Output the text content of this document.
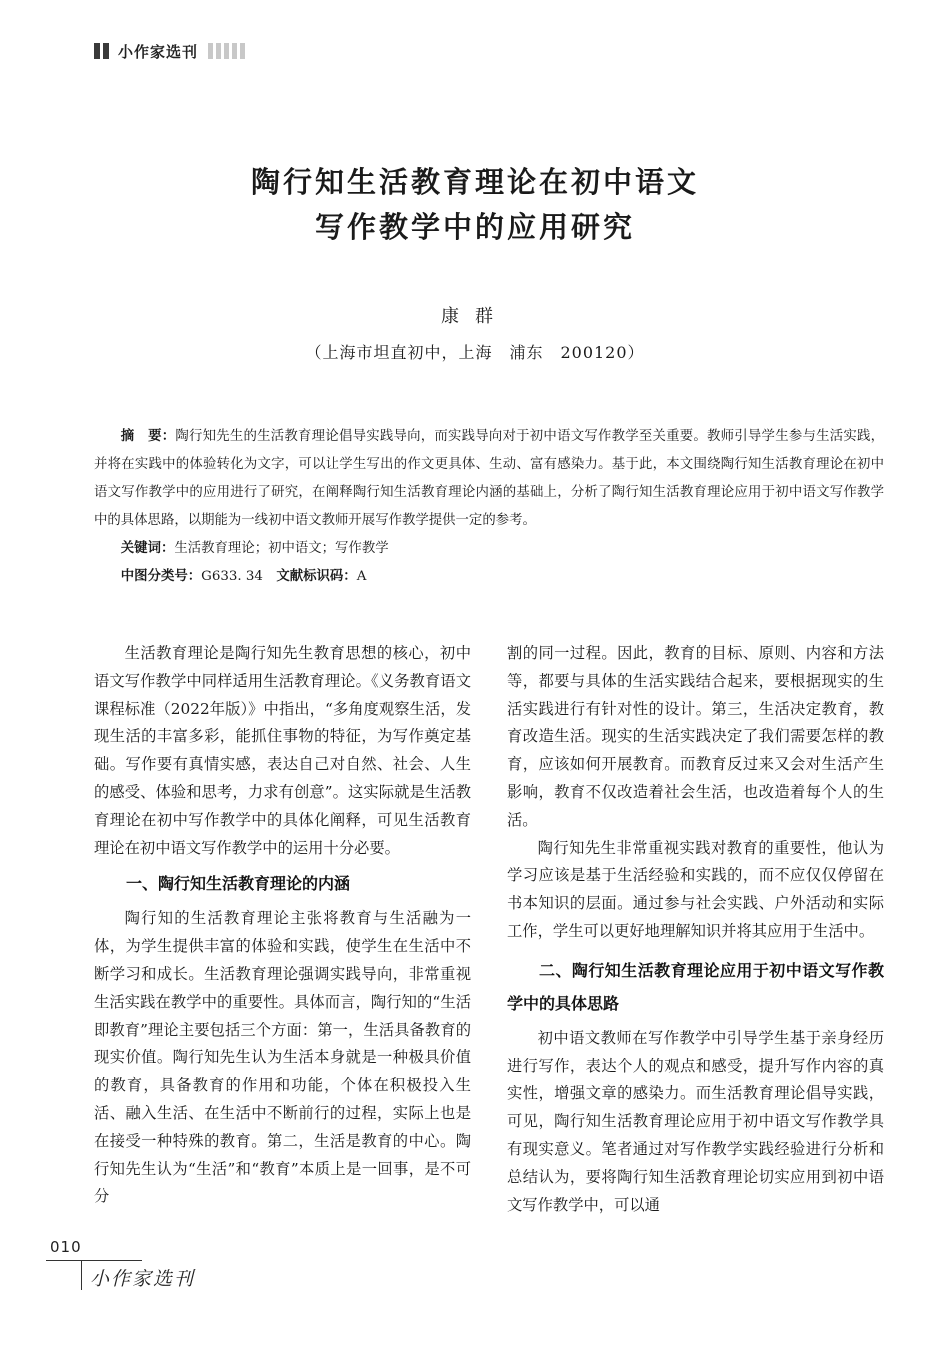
小作家选刊
陶行知生活教育理论在初中语文
写作教学中的应用研究
康群
（上海市坦直初中，上海　浦东　200120）

摘　要：陶行知先生的生活教育理论倡导实践导向，而实践导向对于初中语文写作教学至关重要。教师引导学生参与生活实践，并将在实践中的体验转化为文字，可以让学生写出的作文更具体、生动、富有感染力。基于此，本文围绕陶行知生活教育理论在初中语文写作教学中的应用进行了研究，在阐释陶行知生活教育理论内涵的基础上，分析了陶行知生活教育理论应用于初中语文写作教学中的具体思路，以期能为一线初中语文教师开展写作教学提供一定的参考。

关键词：生活教育理论；初中语文；写作教学
中图分类号：G633. 34　 文献标识码：A

生活教育理论是陶行知先生教育思想的核心，初中语文写作教学中同样适用生活教育理论。《义务教育语文课程标准（2022年版）》中指出，“多角度观察生活，发现生活的丰富多彩，能抓住事物的特征，为写作奠定基础。写作要有真情实感，表达自己对自然、社会、人生的感受、体验和思考，力求有创意”。这实际就是生活教育理论在初中写作教学中的具体化阐释，可见生活教育理论在初中语文写作教学中的运用十分必要。

一、陶行知生活教育理论的内涵

陶行知的生活教育理论主张将教育与生活融为一体，为学生提供丰富的体验和实践，使学生在生活中不断学习和成长。生活教育理论强调实践导向，非常重视生活实践在教学中的重要性。具体而言，陶行知的“生活即教育”理论主要包括三个方面：第一，生活具备教育的现实价值。陶行知先生认为生活本身就是一种极具价值的教育，具备教育的作用和功能，个体在积极投入生活、融入生活、在生活中不断前行的过程，实际上也是在接受一种特殊的教育。第二，生活是教育的中心。陶行知先生认为“生活”和“教育”本质上是一回事，是不可分

割的同一过程。因此，教育的目标、原则、内容和方法等，都要与具体的生活实践结合起来，要根据现实的生活实践进行有针对性的设计。第三，生活决定教育，教育改造生活。现实的生活实践决定了我们需要怎样的教育，应该如何开展教育。而教育反过来又会对生活产生影响，教育不仅改造着社会生活，也改造着每个人的生活。

陶行知先生非常重视实践对教育的重要性，他认为学习应该是基于生活经验和实践的，而不应仅仅停留在书本知识的层面。通过参与社会实践、户外活动和实际工作，学生可以更好地理解知识并将其应用于生活中。

二、陶行知生活教育理论应用于初中语文写作教学中的具体思路

初中语文教师在写作教学中引导学生基于亲身经历进行写作，表达个人的观点和感受，提升写作内容的真实性，增强文章的感染力。而生活教育理论倡导实践，可见，陶行知生活教育理论应用于初中语文写作教学具有现实意义。笔者通过对写作教学实践经验进行分析和总结认为，要将陶行知生活教育理论切实应用到初中语文写作教学中，可以通

010
小作家选刊
